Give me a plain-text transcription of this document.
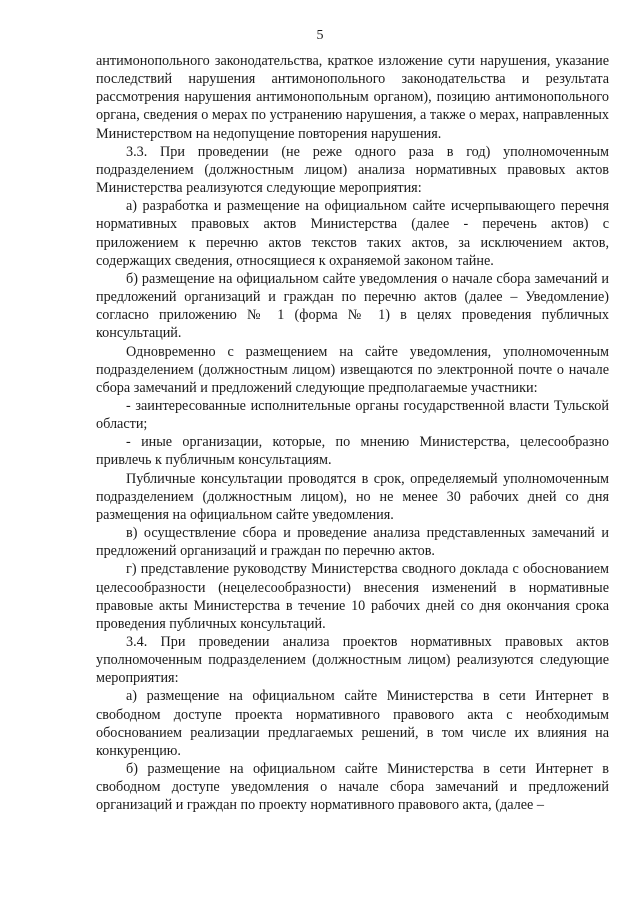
5

антимонопольного законодательства, краткое изложение сути нарушения, указание последствий нарушения антимонопольного законодательства и результата рассмотрения нарушения антимонопольным органом), позицию антимонопольного органа, сведения о мерах по устранению нарушения, а также о мерах, направленных Министерством на недопущение повторения нарушения.

3.3. При проведении (не реже одного раза в год) уполномоченным подразделением (должностным лицом) анализа нормативных правовых актов Министерства реализуются следующие мероприятия:

а) разработка и размещение на официальном сайте исчерпывающего перечня нормативных правовых актов Министерства (далее - перечень актов) с приложением к перечню актов текстов таких актов, за исключением актов, содержащих сведения, относящиеся к охраняемой законом тайне.

б) размещение на официальном сайте уведомления о начале сбора замечаний и предложений организаций и граждан по перечню актов (далее – Уведомление) согласно приложению № 1 (форма № 1) в целях проведения публичных консультаций.

Одновременно с размещением на сайте уведомления, уполномоченным подразделением (должностным лицом) извещаются по электронной почте о начале сбора замечаний и предложений следующие предполагаемые участники:

- заинтересованные исполнительные органы государственной власти Тульской области;

- иные организации, которые, по мнению Министерства, целесообразно привлечь к публичным консультациям.

Публичные консультации проводятся в срок, определяемый уполномоченным подразделением (должностным лицом), но не менее 30 рабочих дней со дня размещения на официальном сайте уведомления.

в) осуществление сбора и проведение анализа представленных замечаний и предложений организаций и граждан по перечню актов.

г) представление руководству Министерства сводного доклада с обоснованием целесообразности (нецелесообразности) внесения изменений в нормативные правовые акты Министерства в течение 10 рабочих дней со дня окончания срока проведения публичных консультаций.

3.4. При проведении анализа проектов нормативных правовых актов уполномоченным подразделением (должностным лицом) реализуются следующие мероприятия:

а) размещение на официальном сайте Министерства в сети Интернет в свободном доступе проекта нормативного правового акта с необходимым обоснованием реализации предлагаемых решений, в том числе их влияния на конкуренцию.

б) размещение на официальном сайте Министерства в сети Интернет в свободном доступе уведомления о начале сбора замечаний и предложений организаций и граждан по проекту нормативного правового акта, (далее –
